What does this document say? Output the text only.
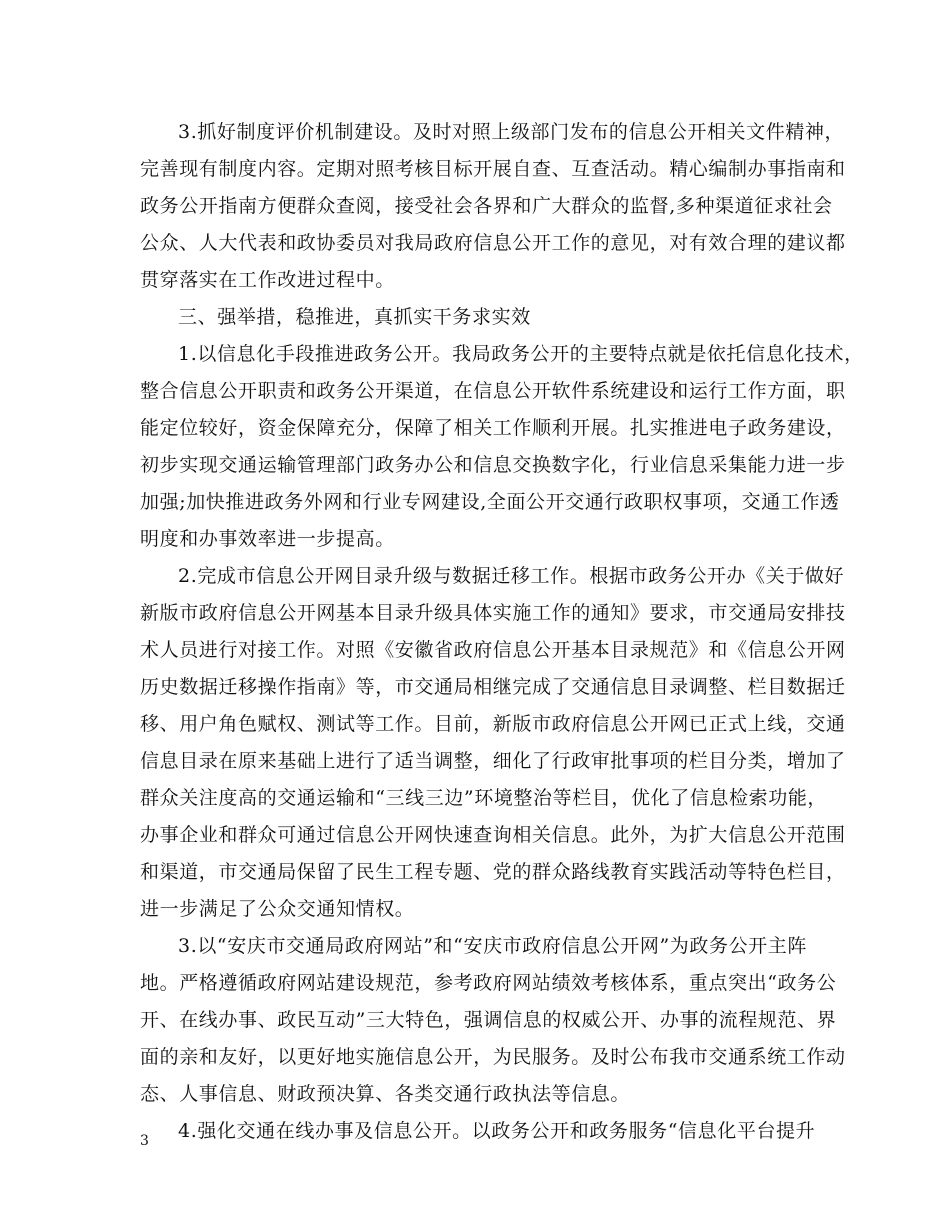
3.抓好制度评价机制建设。及时对照上级部门发布的信息公开相关文件精神，
完善现有制度内容。定期对照考核目标开展自查、互查活动。精心编制办事指南和
政务公开指南方便群众查阅，接受社会各界和广大群众的监督,多种渠道征求社会
公众、人大代表和政协委员对我局政府信息公开工作的意见，对有效合理的建议都
贯穿落实在工作改进过程中。
三、强举措，稳推进，真抓实干务求实效
1.以信息化手段推进政务公开。我局政务公开的主要特点就是依托信息化技术，
整合信息公开职责和政务公开渠道，在信息公开软件系统建设和运行工作方面，职
能定位较好，资金保障充分，保障了相关工作顺利开展。扎实推进电子政务建设，
初步实现交通运输管理部门政务办公和信息交换数字化，行业信息采集能力进一步
加强;加快推进政务外网和行业专网建设,全面公开交通行政职权事项，交通工作透
明度和办事效率进一步提高。
2.完成市信息公开网目录升级与数据迁移工作。根据市政务公开办《关于做好
新版市政府信息公开网基本目录升级具体实施工作的通知》要求，市交通局安排技
术人员进行对接工作。对照《安徽省政府信息公开基本目录规范》和《信息公开网
历史数据迁移操作指南》等，市交通局相继完成了交通信息目录调整、栏目数据迁
移、用户角色赋权、测试等工作。目前，新版市政府信息公开网已正式上线，交通
信息目录在原来基础上进行了适当调整，细化了行政审批事项的栏目分类，增加了
群众关注度高的交通运输和“三线三边”环境整治等栏目，优化了信息检索功能，
办事企业和群众可通过信息公开网快速查询相关信息。此外，为扩大信息公开范围
和渠道，市交通局保留了民生工程专题、党的群众路线教育实践活动等特色栏目，
进一步满足了公众交通知情权。
3.以“安庆市交通局政府网站”和“安庆市政府信息公开网”为政务公开主阵
地。严格遵循政府网站建设规范，参考政府网站绩效考核体系，重点突出“政务公
开、在线办事、政民互动”三大特色，强调信息的权威公开、办事的流程规范、界
面的亲和友好，以更好地实施信息公开，为民服务。及时公布我市交通系统工作动
态、人事信息、财政预决算、各类交通行政执法等信息。
4.强化交通在线办事及信息公开。以政务公开和政务服务“信息化平台提升
3
